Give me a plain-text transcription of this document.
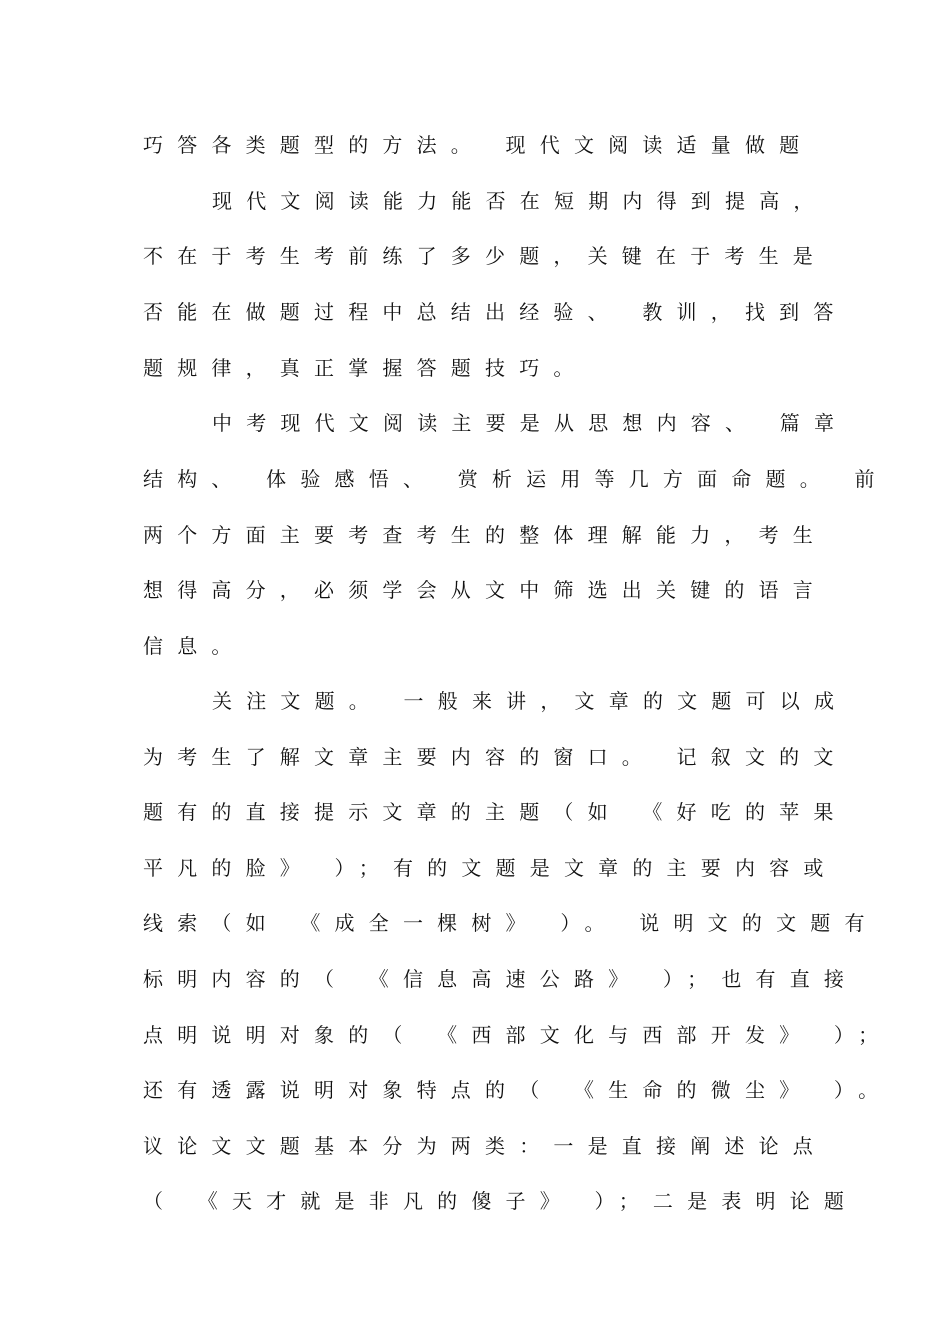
巧答各类题型的方法。 现代文阅读适量做题
现代文阅读能力能否在短期内得到提高，
不在于考生考前练了多少题，关键在于考生是
否能在做题过程中总结出经验、 教训，找到答
题规律，真正掌握答题技巧。
中考现代文阅读主要是从思想内容、 篇章
结构、 体验感悟、 赏析运用等几方面命题。 前
两个方面主要考查考生的整体理解能力，考生
想得高分，必须学会从文中筛选出关键的语言
信息。
关注文题。 一般来讲，文章的文题可以成
为考生了解文章主要内容的窗口。 记叙文的文
题有的直接提示文章的主题（如 《好吃的苹果
平凡的脸》 ）；有的文题是文章的主要内容或
线索（如 《成全一棵树》 ）。 说明文的文题有
标明内容的（ 《信息高速公路》 ）；也有直接
点明说明对象的（ 《西部文化与西部开发》 ）；
还有透露说明对象特点的（ 《生命的微尘》 ）。
议论文文题基本分为两类：一是直接阐述论点
（ 《天才就是非凡的傻子》 ）；二是表明论题
